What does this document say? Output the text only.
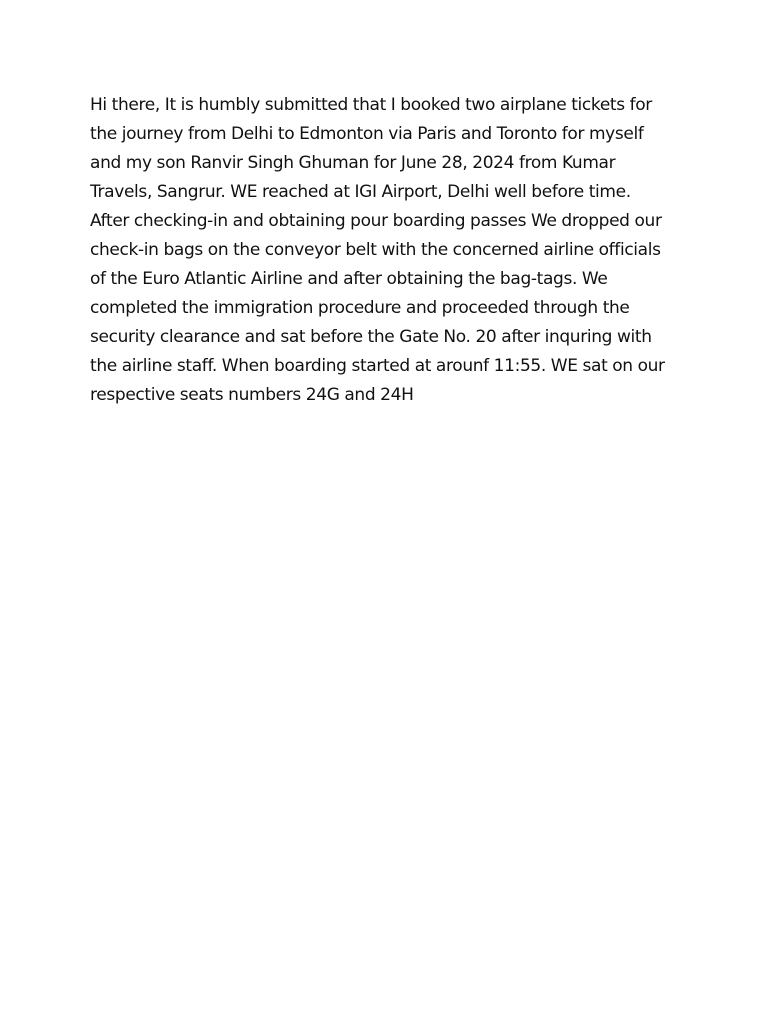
Hi there, It is humbly submitted that I booked two airplane tickets for
the journey from Delhi to Edmonton via Paris and Toronto for myself
and my son Ranvir Singh Ghuman for June 28, 2024 from Kumar
Travels, Sangrur. WE reached at IGI Airport, Delhi well before time.
After checking-in and obtaining pour boarding passes We dropped our
check-in bags on the conveyor belt with the concerned airline officials
of the Euro Atlantic Airline and after obtaining the bag-tags. We
completed the immigration procedure and proceeded through the
security clearance and sat before the Gate No. 20 after inquring with
the airline staff. When boarding started at arounf 11:55. WE sat on our
respective seats numbers 24G and 24H
